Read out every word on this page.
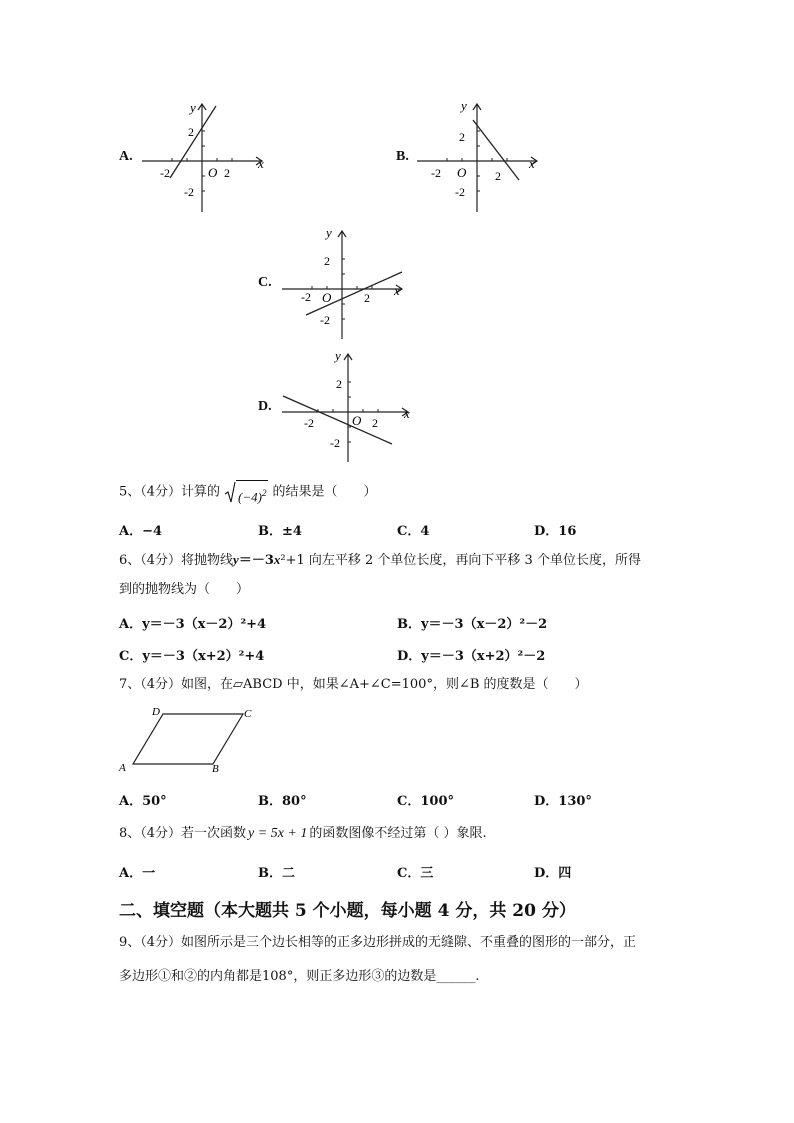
A.
-2	O 2
2
-2
x
y
B.
-2 O 2
2
-2
x
y
C.
-2 O	2
2
-2
x
y
D.
-2	O 2
2
-2
x
y
5、（4分）计算的 $(-4)^2$ 的结果是（　　）
A．−4	B．±4	C．4	D．16
6、（4分）将抛物线y＝－3x²+1 向左平移 2 个单位长度，再向下平移 3 个单位长度，所得
到的抛物线为（　　）
A．y＝－3（x－2）²+4	B．y＝－3（x－2）²－2
C．y＝－3（x+2）²+4	D．y＝－3（x+2）²－2
7、（4分）如图，在▱ABCD 中，如果∠A+∠C=100°，则∠B 的度数是（　　）
D	C
A	B
A．50°	B．80°	C．100°	D．130°
8、（4分）若一次函数 y = 5x + 1 的函数图像不经过第（ ）象限.
A．一	B．二	C．三	D．四
二、填空题（本大题共 5 个小题，每小题 4 分，共 20 分）
9、（4分）如图所示是三个边长相等的正多边形拼成的无缝隙、不重叠的图形的一部分，正
多边形①和②的内角都是108°，则正多边形③的边数是______.
